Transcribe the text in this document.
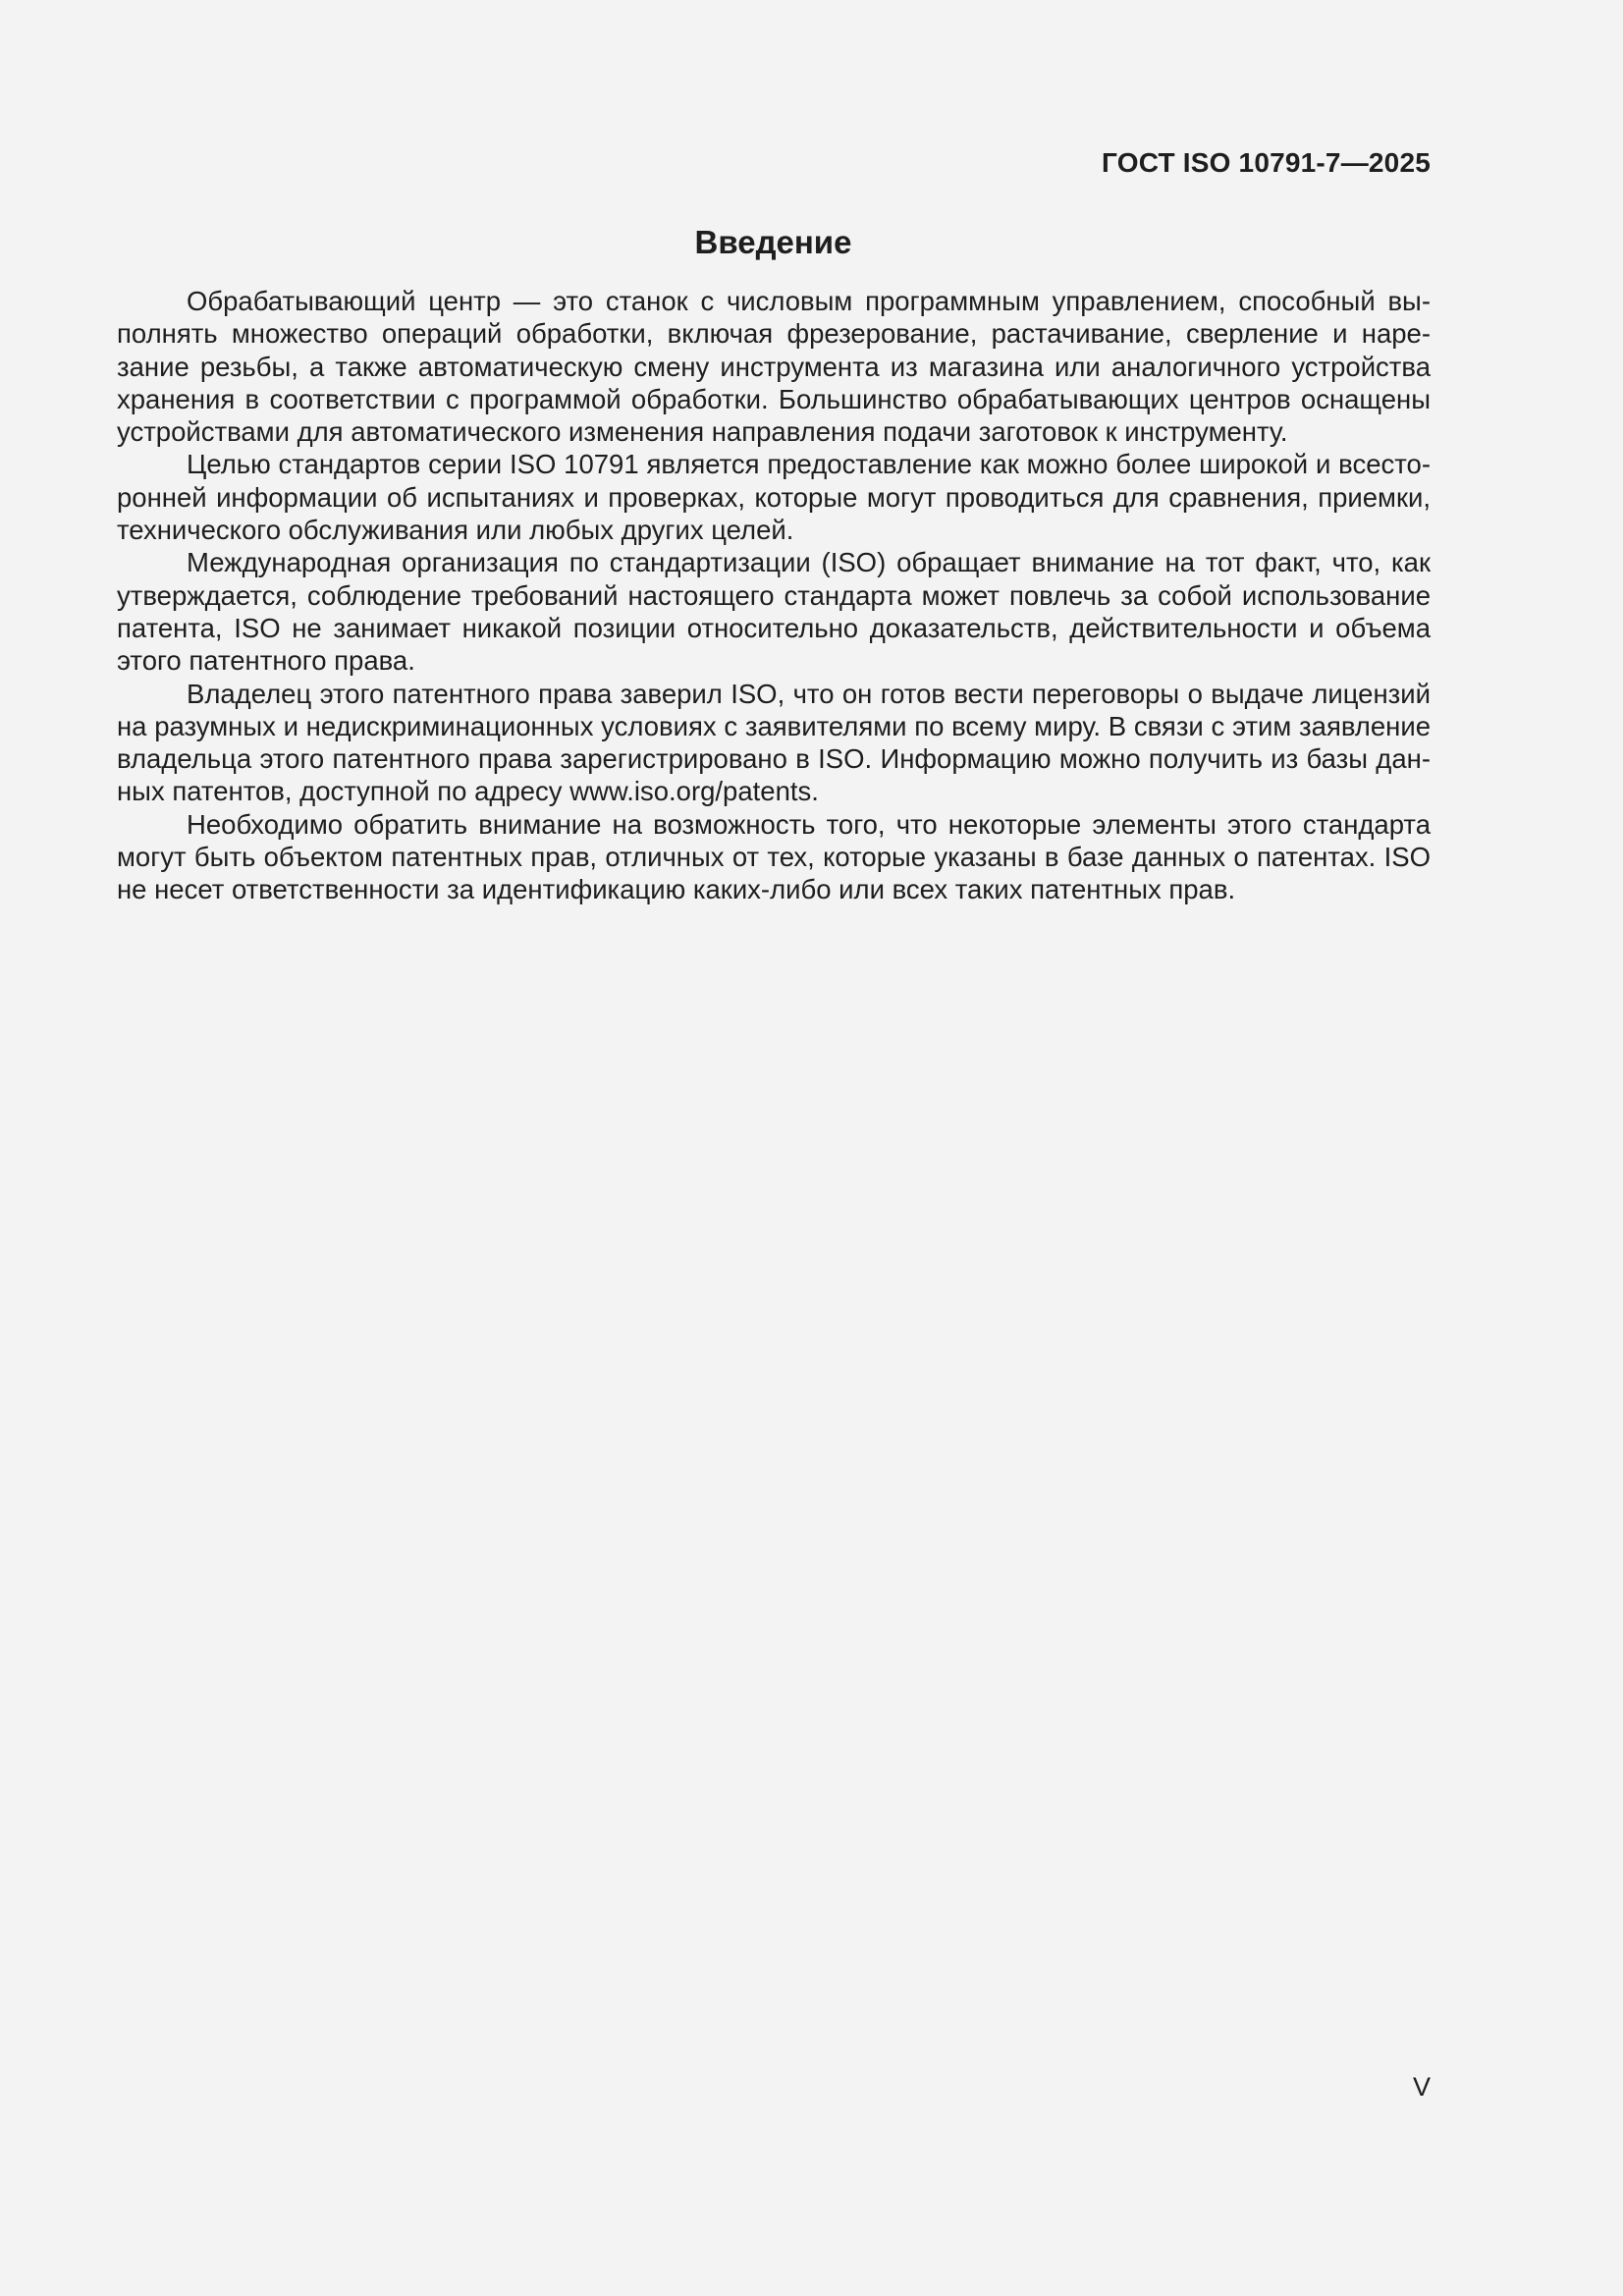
ГОСТ ISO 10791-7—2025
Введение

Обрабатывающий центр — это станок с числовым программным управлением, способный выполнять множество операций обработки, включая фрезерование, растачивание, сверление и нарезание резьбы, а также автоматическую смену инструмента из магазина или аналогичного устройства хранения в соответствии с программой обработки. Большинство обрабатывающих центров оснащены устройствами для автоматического изменения направления подачи заготовок к инструменту.

Целью стандартов серии ISO 10791 является предоставление как можно более широкой и всесторонней информации об испытаниях и проверках, которые могут проводиться для сравнения, приемки, технического обслуживания или любых других целей.

Международная организация по стандартизации (ISO) обращает внимание на тот факт, что, как утверждается, соблюдение требований настоящего стандарта может повлечь за собой использование патента, ISO не занимает никакой позиции относительно доказательств, действительности и объема этого патентного права.

Владелец этого патентного права заверил ISO, что он готов вести переговоры о выдаче лицензий на разумных и недискриминационных условиях с заявителями по всему миру. В связи с этим заявление владельца этого патентного права зарегистрировано в ISO. Информацию можно получить из базы данных патентов, доступной по адресу www.iso.org/patents.

Необходимо обратить внимание на возможность того, что некоторые элементы этого стандарта могут быть объектом патентных прав, отличных от тех, которые указаны в базе данных о патентах. ISO не несет ответственности за идентификацию каких-либо или всех таких патентных прав.

V
